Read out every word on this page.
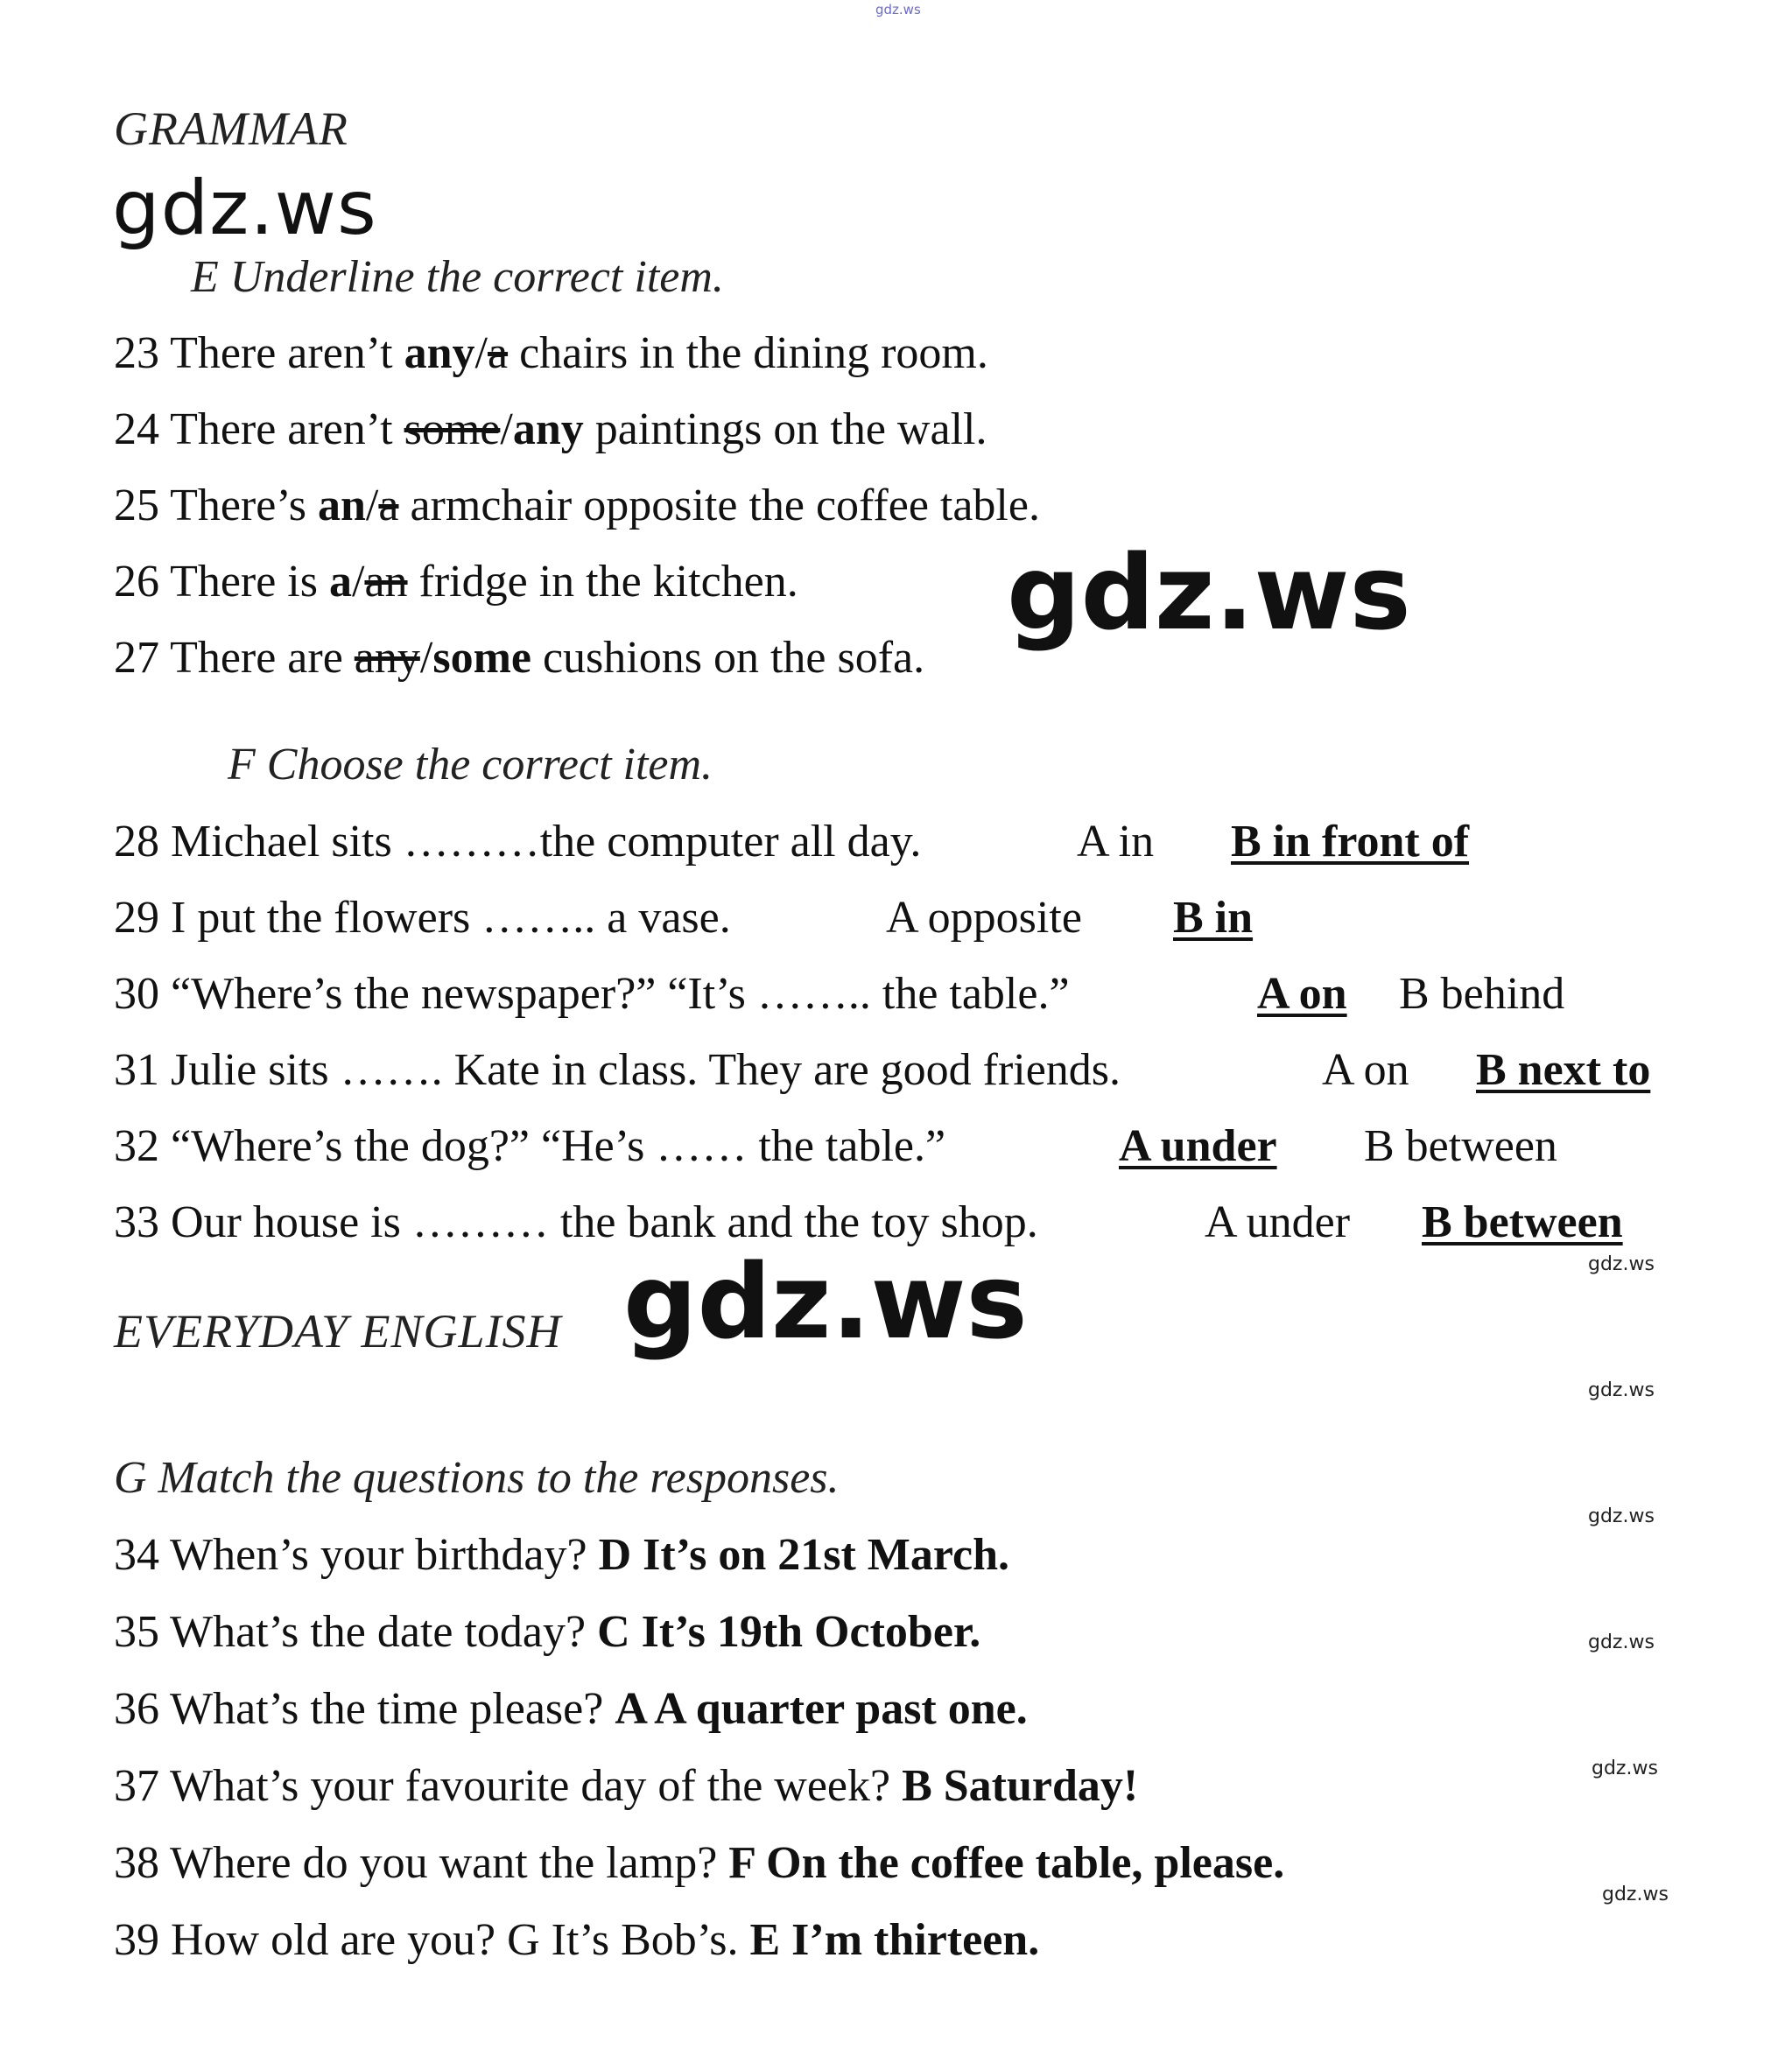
gdz.ws
gdz.ws
gdz.ws
gdz.ws	gdz.ws
gdz.ws
gdz.ws
gdz.ws
gdz.ws
gdz.ws
GRAMMAR
E Underline the correct item.
23 There aren’t any/a chairs in the dining room.
24 There aren’t some/any paintings on the wall.
25 There’s an/a armchair opposite the coffee table.
26 There is a/an fridge in the kitchen.
27 There are any/some cushions on the sofa.
F Choose the correct item.
28 Michael sits ………the computer all day.	A in B in front of
29 I put the flowers …….. a vase.	A opposite B in
30 “Where’s the newspaper?” “It’s …….. the table.”	A on B behind
31 Julie sits ……. Kate in class. They are good friends.	A on B next to
32 “Where’s the dog?” “He’s …… the table.”	A under B between
33 Our house is ……… the bank and the toy shop.	A under B between
EVERYDAY ENGLISH
G Match the questions to the responses.
34 When’s your birthday? D It’s on 21st March.
35 What’s the date today? C It’s 19th October.
36 What’s the time please? A A quarter past one.
37 What’s your favourite day of the week? B Saturday!
38 Where do you want the lamp? F On the coffee table, please.
39 How old are you? G It’s Bob’s. E I’m thirteen.
